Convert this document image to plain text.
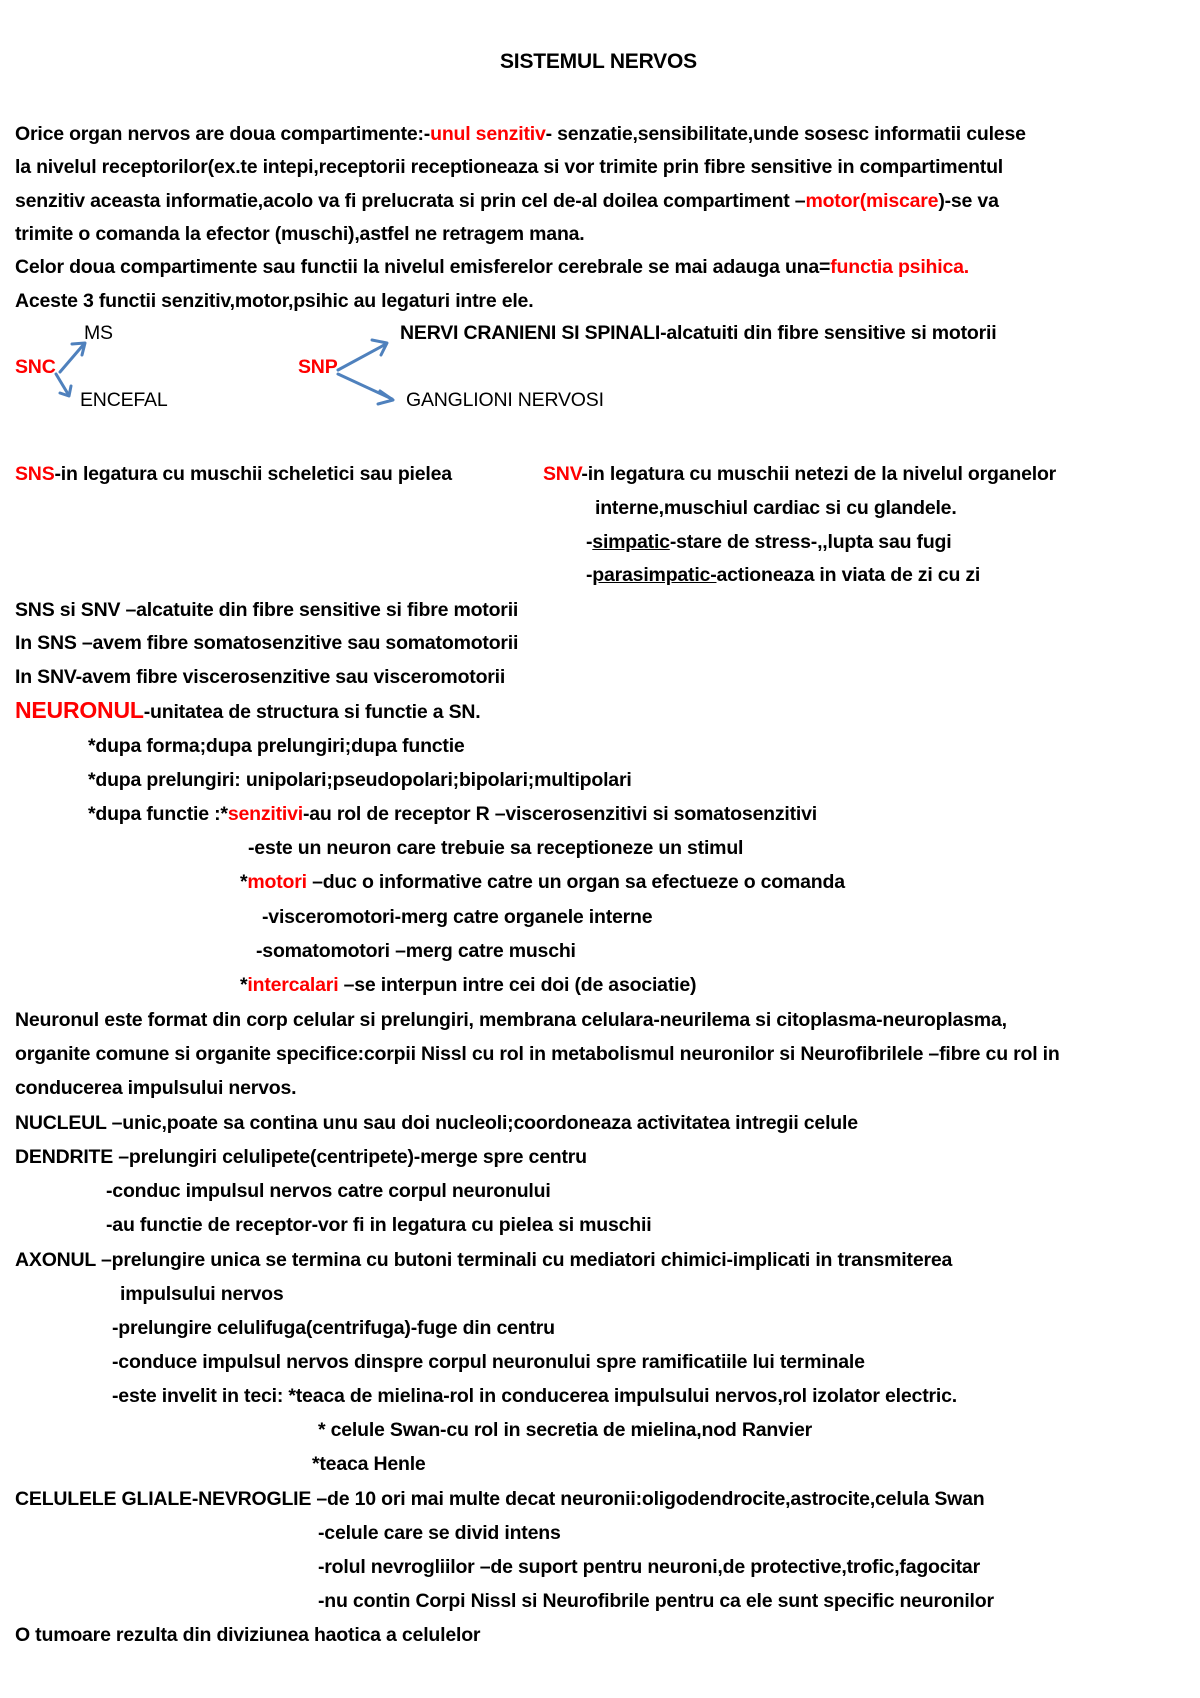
SISTEMUL NERVOS
Orice organ nervos are doua compartimente:-unul senzitiv- senzatie,sensibilitate,unde sosesc informatii culese
la nivelul receptorilor(ex.te intepi,receptorii receptioneaza si vor trimite prin fibre sensitive in compartimentul
senzitiv aceasta informatie,acolo va fi prelucrata si prin cel de-al doilea compartiment –motor(miscare)-se va
trimite o comanda la efector (muschi),astfel ne retragem mana.
Celor doua compartimente sau functii la nivelul emisferelor cerebrale se mai adauga una=functia psihica.
Aceste 3 functii senzitiv,motor,psihic au legaturi intre ele.
MS
SNC
ENCEFAL
SNP
NERVI CRANIENI SI SPINALI-alcatuiti din fibre sensitive si motorii
GANGLIONI NERVOSI
SNS-in legatura cu muschii scheletici sau pielea	SNV-in legatura cu muschii netezi de la nivelul organelor
interne,muschiul cardiac si cu glandele.
-simpatic-stare de stress-,,lupta sau fugi
-parasimpatic-actioneaza in viata de zi cu zi
SNS si SNV –alcatuite din fibre sensitive si fibre motorii
In SNS –avem fibre somatosenzitive sau somatomotorii
In SNV-avem fibre viscerosenzitive sau visceromotorii
NEURONUL-unitatea de structura si functie a SN.
*dupa forma;dupa prelungiri;dupa functie
*dupa prelungiri: unipolari;pseudopolari;bipolari;multipolari
*dupa functie :*senzitivi-au rol de receptor R –viscerosenzitivi si somatosenzitivi
-este un neuron care trebuie sa receptioneze un stimul
*motori –duc o informative catre un organ sa efectueze o comanda
-visceromotori-merg catre organele interne
-somatomotori –merg catre muschi
*intercalari –se interpun intre cei doi (de asociatie)
Neuronul este format din corp celular si prelungiri, membrana celulara-neurilema si citoplasma-neuroplasma,
organite comune si organite specifice:corpii Nissl cu rol in metabolismul neuronilor si Neurofibrilele –fibre cu rol in
conducerea impulsului nervos.
NUCLEUL –unic,poate sa contina unu sau doi nucleoli;coordoneaza activitatea intregii celule
DENDRITE –prelungiri celulipete(centripete)-merge spre centru
-conduc impulsul nervos catre corpul neuronului
-au functie de receptor-vor fi in legatura cu pielea si muschii
AXONUL –prelungire unica se termina cu butoni terminali cu mediatori chimici-implicati in transmiterea
impulsului nervos
-prelungire celulifuga(centrifuga)-fuge din centru
-conduce impulsul nervos dinspre corpul neuronului spre ramificatiile lui terminale
-este invelit in teci: *teaca de mielina-rol in conducerea impulsului nervos,rol izolator electric.
* celule Swan-cu rol in secretia de mielina,nod Ranvier
*teaca Henle
CELULELE GLIALE-NEVROGLIE –de 10 ori mai multe decat neuronii:oligodendrocite,astrocite,celula Swan
-celule care se divid intens
-rolul nevrogliilor –de suport pentru neuroni,de protective,trofic,fagocitar
-nu contin Corpi Nissl si Neurofibrile pentru ca ele sunt specific neuronilor
O tumoare rezulta din diviziunea haotica a celulelor
